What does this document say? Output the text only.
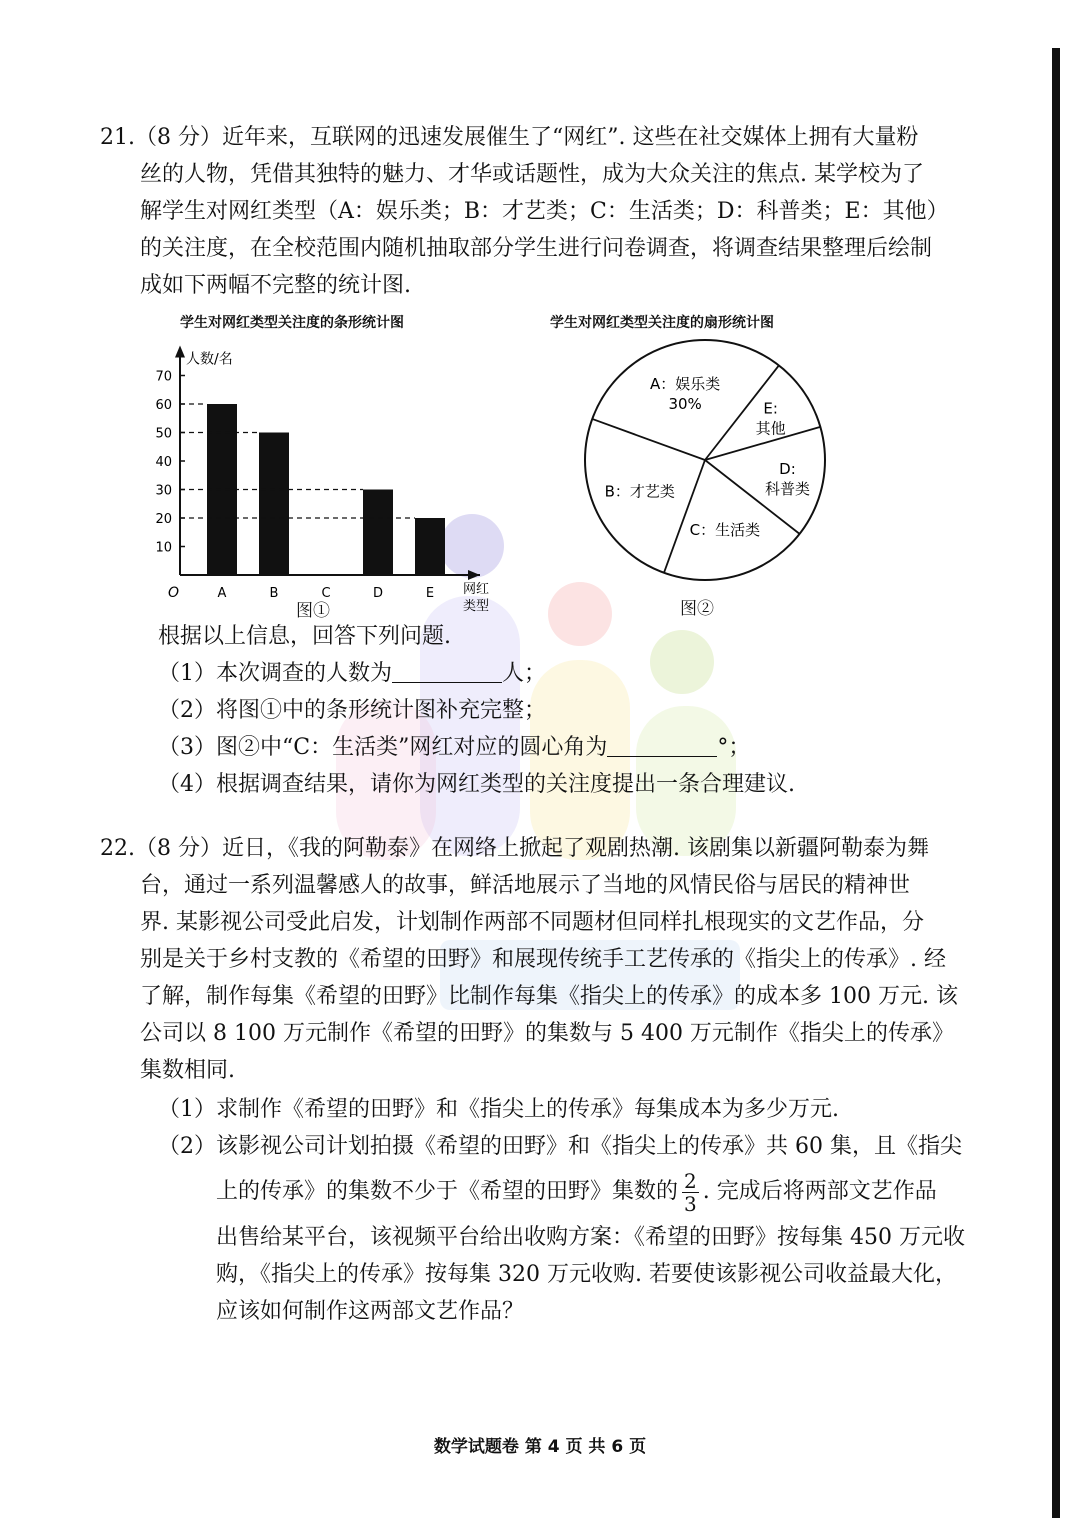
21.（8 分）近年来，互联网的迅速发展催生了“网红”. 这些在社交媒体上拥有大量粉
丝的人物，凭借其独特的魅力、才华或话题性，成为大众关注的焦点. 某学校为了
解学生对网红类型（A：娱乐类；B：才艺类；C：生活类；D：科普类；E：其他）
的关注度，在全校范围内随机抽取部分学生进行问卷调查，将调查结果整理后绘制
成如下两幅不完整的统计图.
学生对网红类型关注度的条形统计图	学生对网红类型关注度的扇形统计图
人数/名
10
20
30
40
50
60
70
O	A	B	C	D	E 网红
类型
图①
A：娱乐类
30%	E:
其他
D:
科普类
C：生活类
B：才艺类
图②
根据以上信息，回答下列问题.
（1）本次调查的人数为	人；
（2）将图①中的条形统计图补充完整；
（3）图②中“C：生活类”网红对应的圆心角为	°；
（4）根据调查结果，请你为网红类型的关注度提出一条合理建议.
22.（8 分）近日，《我的阿勒泰》在网络上掀起了观剧热潮. 该剧集以新疆阿勒泰为舞
台，通过一系列温馨感人的故事，鲜活地展示了当地的风情民俗与居民的精神世
界. 某影视公司受此启发，计划制作两部不同题材但同样扎根现实的文艺作品，分
别是关于乡村支教的《希望的田野》和展现传统手工艺传承的《指尖上的传承》. 经
了解，制作每集《希望的田野》比制作每集《指尖上的传承》的成本多 100 万元. 该
公司以 8 100 万元制作《希望的田野》的集数与 5 400 万元制作《指尖上的传承》
集数相同.
（1）求制作《希望的田野》和《指尖上的传承》每集成本为多少万元.
（2）该影视公司计划拍摄《希望的田野》和《指尖上的传承》共 60 集，且《指尖
上的传承》的集数不少于《希望的田野》集数的 $\frac{2}{3}$ . 完成后将两部文艺作品
出售给某平台，该视频平台给出收购方案：《希望的田野》按每集 450 万元收
购，《指尖上的传承》按每集 320 万元收购. 若要使该影视公司收益最大化，
应该如何制作这两部文艺作品？
数学试题卷 第 4 页 共 6 页
